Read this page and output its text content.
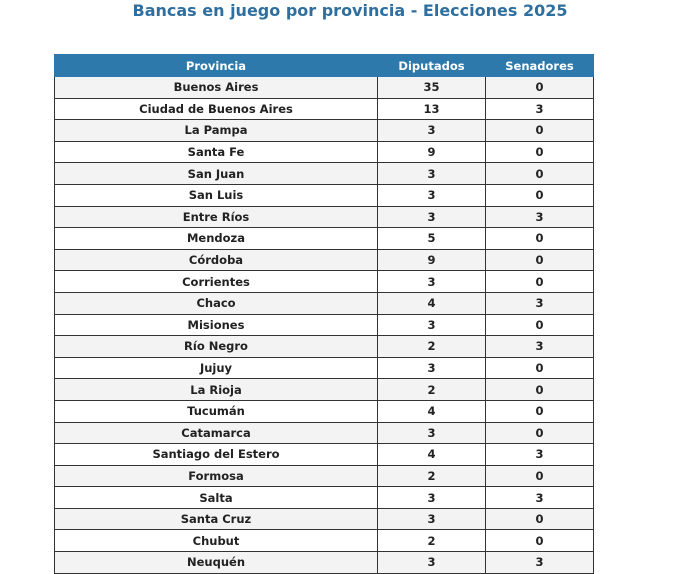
Bancas en juego por provincia - Elecciones 2025
Provincia	Diputados	Senadores
Buenos Aires	35	0
Ciudad de Buenos Aires	13	3
La Pampa	3	0
Santa Fe	9	0
San Juan	3	0
San Luis	3	0
Entre Ríos	3	3
Mendoza	5	0
Córdoba	9	0
Corrientes	3	0
Chaco	4	3
Misiones	3	0
Río Negro	2	3
Jujuy	3	0
La Rioja	2	0
Tucumán	4	0
Catamarca	3	0
Santiago del Estero	4	3
Formosa	2	0
Salta	3	3
Santa Cruz	3	0
Chubut	2	0
Neuquén	3	3
